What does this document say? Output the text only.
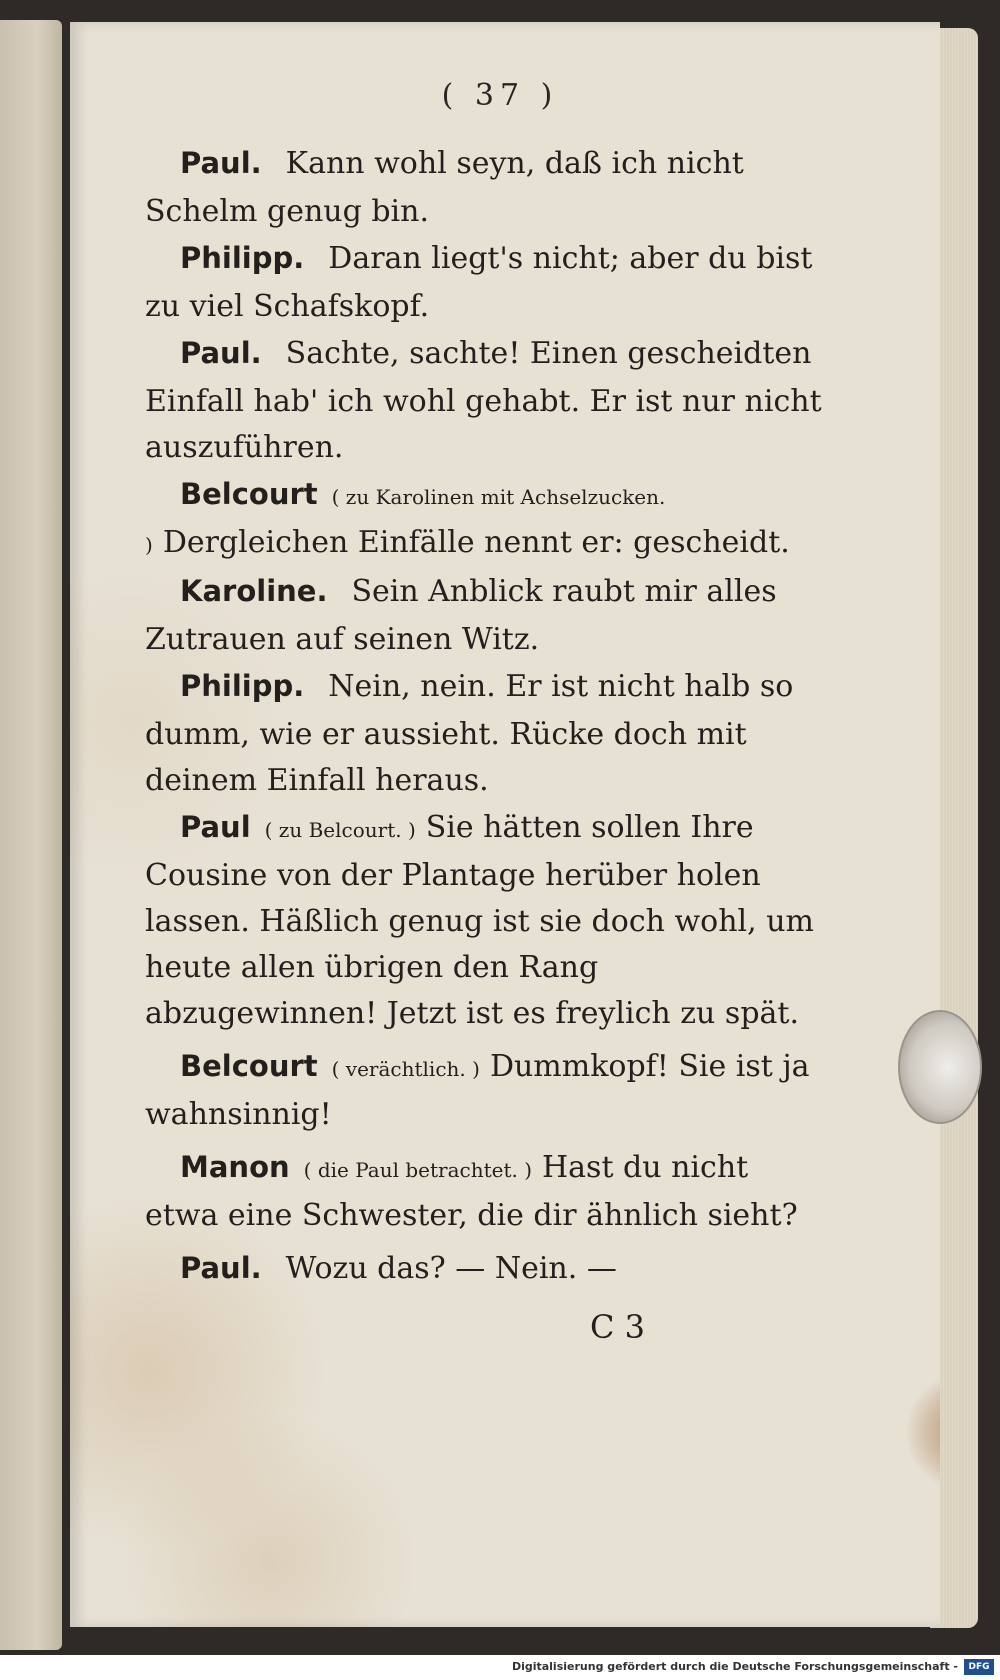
( 37 )

Paul. Kann wohl seyn, daß ich nicht Schelm genug bin.

Philipp. Daran liegt's nicht; aber du bist zu viel Schafskopf.

Paul. Sachte, sachte! Einen gescheidten Einfall hab' ich wohl gehabt. Er ist nur nicht auszuführen.

Belcourt ( zu Karolinen mit Achselzucken. ) Dergleichen Einfälle nennt er: gescheidt.

Karoline. Sein Anblick raubt mir alles Zutrauen auf seinen Witz.

Philipp. Nein, nein. Er ist nicht halb so dumm, wie er aussieht. Rücke doch mit deinem Einfall heraus.

Paul ( zu Belcourt. ) Sie hätten sollen Ihre Cousine von der Plantage herüber holen lassen. Häßlich genug ist sie doch wohl, um heute allen übrigen den Rang abzugewinnen! Jetzt ist es freylich zu spät.

Belcourt ( verächtlich. ) Dummkopf! Sie ist ja wahnsinnig!

Manon ( die Paul betrachtet. ) Hast du nicht etwa eine Schwester, die dir ähnlich sieht?

Paul. Wozu das? — Nein. —

C 3
Digitalisierung gefördert durch die Deutsche Forschungsgemeinschaft -	DFG
